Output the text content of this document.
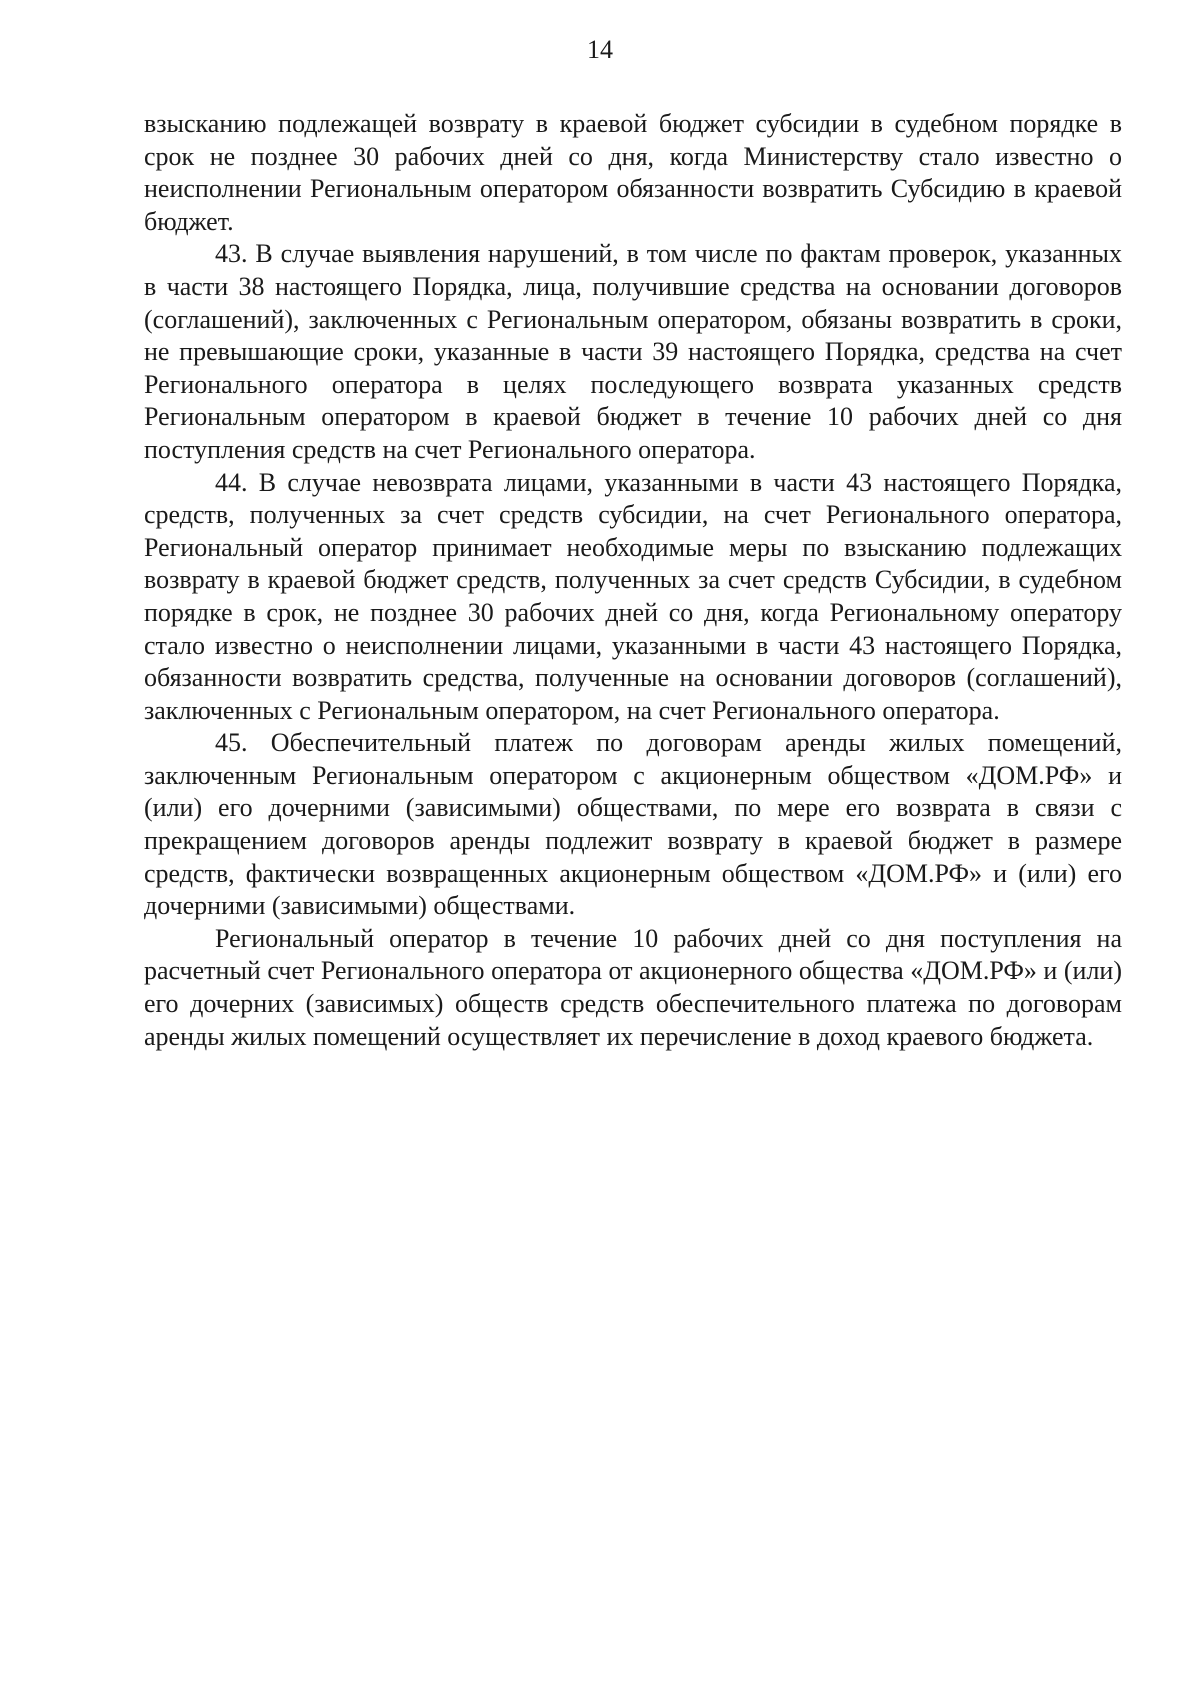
14

взысканию подлежащей возврату в краевой бюджет субсидии в судебном порядке в срок не позднее 30 рабочих дней со дня, когда Министерству стало известно о неисполнении Региональным оператором обязанности возвратить Субсидию в краевой бюджет.

43. В случае выявления нарушений, в том числе по фактам проверок, указанных в части 38 настоящего Порядка, лица, получившие средства на основании договоров (соглашений), заключенных с Региональным оператором, обязаны возвратить в сроки, не превышающие сроки, указанные в части 39 настоящего Порядка, средства на счет Регионального оператора в целях последующего возврата указанных средств Региональным оператором в краевой бюджет в течение 10 рабочих дней со дня поступления средств на счет Регионального оператора.

44. В случае невозврата лицами, указанными в части 43 настоящего Порядка, средств, полученных за счет средств субсидии, на счет Регионального оператора, Региональный оператор принимает необходимые меры по взысканию подлежащих возврату в краевой бюджет средств, полученных за счет средств Субсидии, в судебном порядке в срок, не позднее 30 рабочих дней со дня, когда Региональному оператору стало известно о неисполнении лицами, указанными в части 43 настоящего Порядка, обязанности возвратить средства, полученные на основании договоров (соглашений), заключенных с Региональным оператором, на счет Регионального оператора.

45. Обеспечительный платеж по договорам аренды жилых помещений, заключенным Региональным оператором с акционерным обществом «ДОМ.РФ» и (или) его дочерними (зависимыми) обществами, по мере его возврата в связи с прекращением договоров аренды подлежит возврату в краевой бюджет в размере средств, фактически возвращенных акционерным обществом «ДОМ.РФ» и (или) его дочерними (зависимыми) обществами.

Региональный оператор в течение 10 рабочих дней со дня поступления на расчетный счет Регионального оператора от акционерного общества «ДОМ.РФ» и (или) его дочерних (зависимых) обществ средств обеспечительного платежа по договорам аренды жилых помещений осуществляет их перечисление в доход краевого бюджета.
